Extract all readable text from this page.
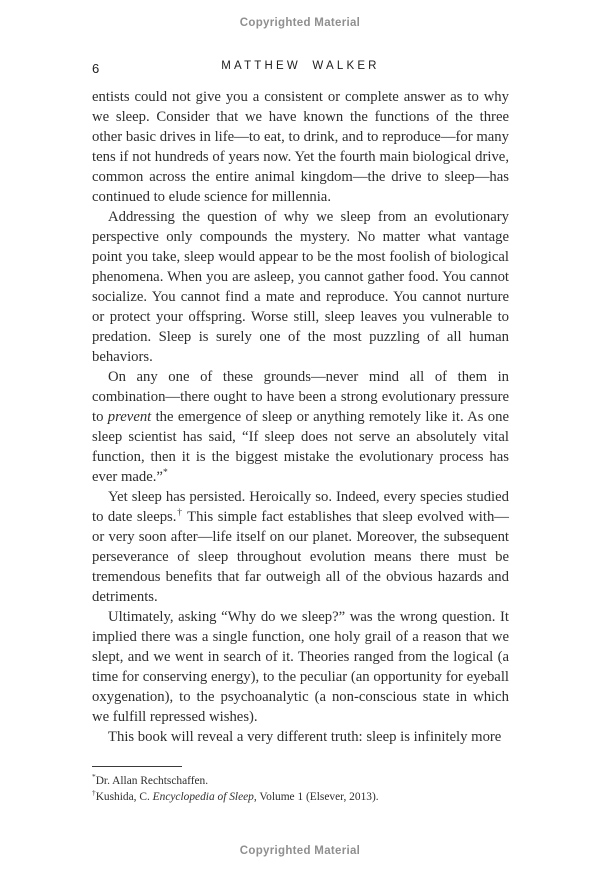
Copyrighted Material
6	MATTHEW WALKER

entists could not give you a consistent or complete answer as to why we sleep. Consider that we have known the functions of the three other basic drives in life—to eat, to drink, and to reproduce—for many tens if not hundreds of years now. Yet the fourth main biological drive, common across the entire animal kingdom—the drive to sleep—has continued to elude science for millennia.

Addressing the question of why we sleep from an evolutionary perspective only compounds the mystery. No matter what vantage point you take, sleep would appear to be the most foolish of biological phenomena. When you are asleep, you cannot gather food. You cannot socialize. You cannot find a mate and reproduce. You cannot nurture or protect your offspring. Worse still, sleep leaves you vulnerable to predation. Sleep is surely one of the most puzzling of all human behaviors.

On any one of these grounds—never mind all of them in combination—there ought to have been a strong evolutionary pressure to prevent the emergence of sleep or anything remotely like it. As one sleep scientist has said, “If sleep does not serve an absolutely vital function, then it is the biggest mistake the evolutionary process has ever made.”*

Yet sleep has persisted. Heroically so. Indeed, every species studied to date sleeps.† This simple fact establishes that sleep evolved with—or very soon after—life itself on our planet. Moreover, the subsequent perseverance of sleep throughout evolution means there must be tremendous benefits that far outweigh all of the obvious hazards and detriments.

Ultimately, asking “Why do we sleep?” was the wrong question. It implied there was a single function, one holy grail of a reason that we slept, and we went in search of it. Theories ranged from the logical (a time for conserving energy), to the peculiar (an opportunity for eyeball oxygenation), to the psychoanalytic (a non-conscious state in which we fulfill repressed wishes).

This book will reveal a very different truth: sleep is infinitely more

*Dr. Allan Rechtschaffen.

†Kushida, C. Encyclopedia of Sleep, Volume 1 (Elsever, 2013).

Copyrighted Material
